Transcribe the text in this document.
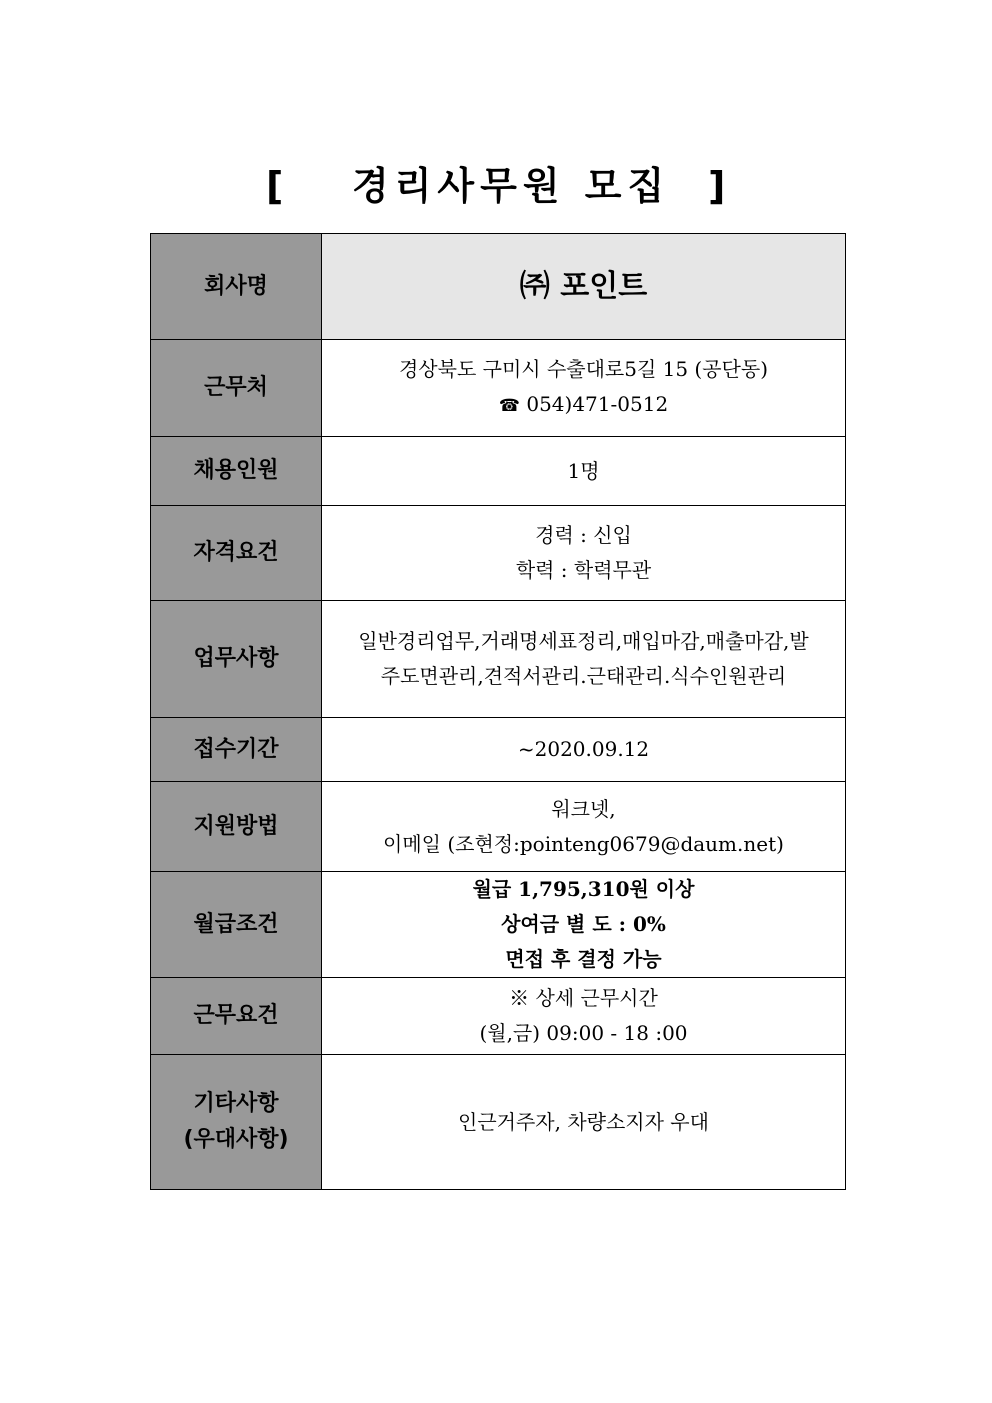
[ 경리사무원 모집 ]
회사명	㈜ 포인트

근무처	경상북도 구미시 수출대로5길 15 (공단동)
☎ 054)471-0512

채용인원	1명

자격요건	경력 : 신입
학력 : 학력무관

업무사항	일반경리업무,거래명세표정리,매입마감,매출마감,발
주도면관리,견적서관리.근태관리.식수인원관리

접수기간	~2020.09.12

지원방법	워크넷,
이메일 (조현정:pointeng0679@daum.net)

월급조건	월급 1,795,310원 이상
상여금 별 도 : 0%
면접 후 결정 가능

근무요건	※ 상세 근무시간
(월,금) 09:00 - 18 :00

기타사항
(우대사항)	인근거주자, 차량소지자 우대
